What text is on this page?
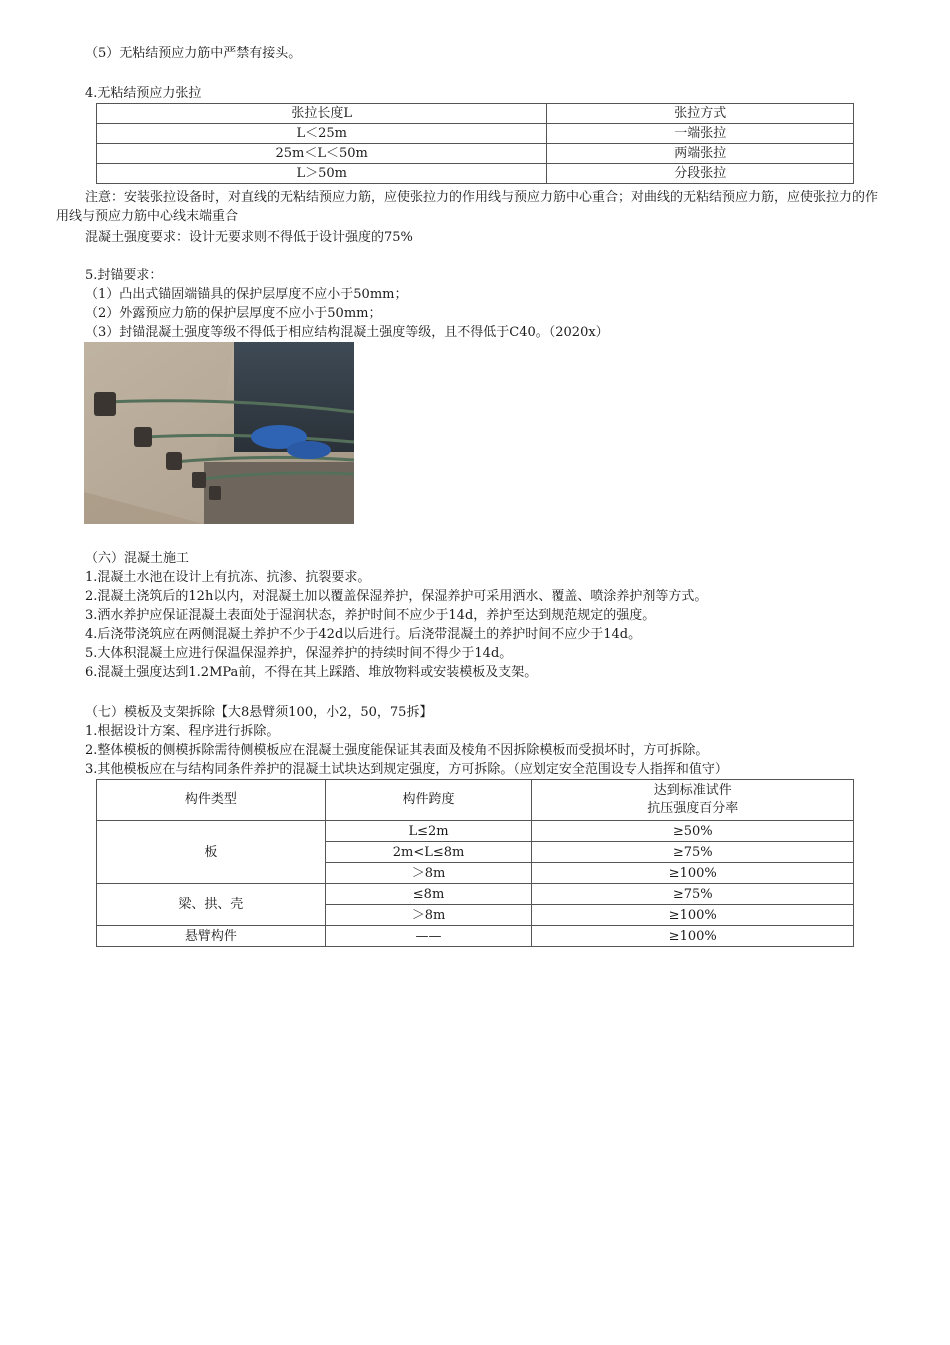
（5）无粘结预应力筋中严禁有接头。
4.无粘结预应力张拉
张拉长度L	张拉方式
L＜25m	一端张拉
25m＜L＜50m	两端张拉
L＞50m	分段张拉
注意：安装张拉设备时，对直线的无粘结预应力筋，应使张拉力的作用线与预应力筋中心重合；对曲线的无粘结预应力筋，应使张拉力的作用线与预应力筋中心线末端重合
混凝土强度要求：设计无要求则不得低于设计强度的75%
5.封锚要求：
（1）凸出式锚固端锚具的保护层厚度不应小于50mm；
（2）外露预应力筋的保护层厚度不应小于50mm；
（3）封锚混凝土强度等级不得低于相应结构混凝土强度等级，且不得低于C40。（2020x）
（六）混凝土施工
1.混凝土水池在设计上有抗冻、抗渗、抗裂要求。
2.混凝土浇筑后的12h以内，对混凝土加以覆盖保湿养护，保湿养护可采用洒水、覆盖、喷涂养护剂等方式。
3.洒水养护应保证混凝土表面处于湿润状态，养护时间不应少于14d，养护至达到规范规定的强度。
4.后浇带浇筑应在两侧混凝土养护不少于42d以后进行。后浇带混凝土的养护时间不应少于14d。
5.大体积混凝土应进行保温保湿养护，保湿养护的持续时间不得少于14d。
6.混凝土强度达到1.2MPa前，不得在其上踩踏、堆放物料或安装模板及支架。
（七）模板及支架拆除【大8悬臂须100，小2，50，75拆】
1.根据设计方案、程序进行拆除。
2.整体模板的侧模拆除需待侧模板应在混凝土强度能保证其表面及棱角不因拆除模板而受损坏时，方可拆除。
3.其他模板应在与结构同条件养护的混凝土试块达到规定强度，方可拆除。（应划定安全范围设专人指挥和值守）
构件类型	构件跨度	达到标准试件
抗压强度百分率
板	L≤2m	≥50%
	2m<L≤8m	≥75%
	＞8m	≥100%
梁、拱、壳	≤8m	≥75%
	＞8m	≥100%
悬臂构件	——	≥100%
